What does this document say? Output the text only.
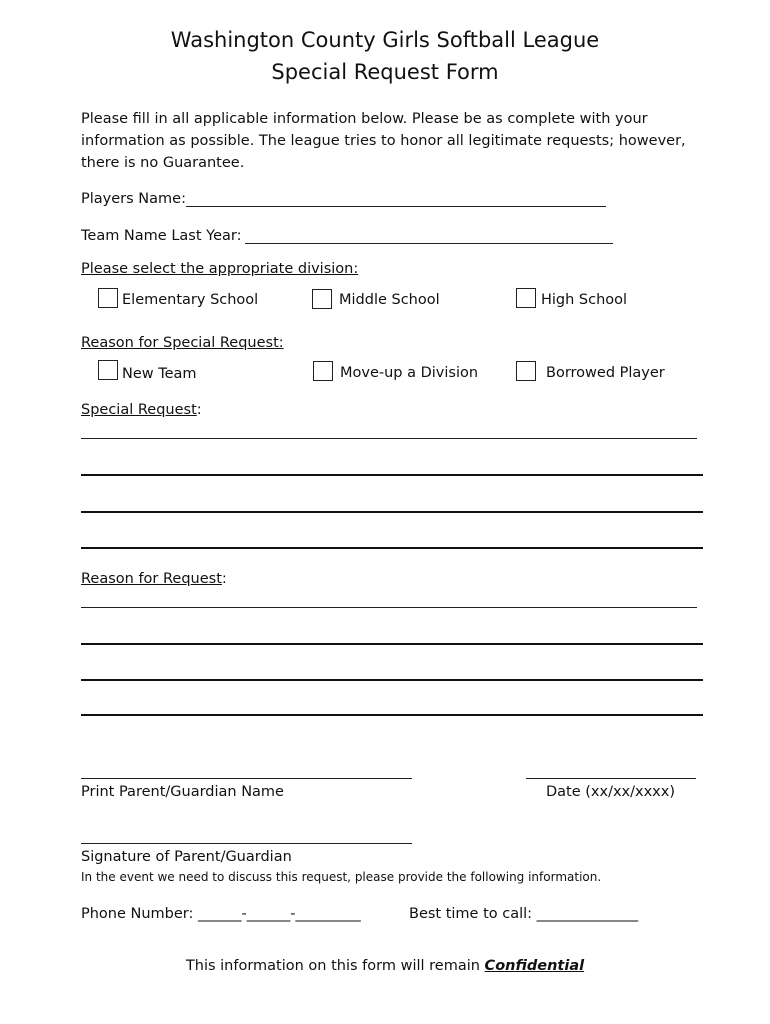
Washington County Girls Softball League
Special Request Form
Please fill in all applicable information below. Please be as complete with your
information as possible. The league tries to honor all legitimate requests; however,
there is no Guarantee.
Players Name:
Team Name Last Year:
Please select the appropriate division:
Elementary School	Middle School	High School
Reason for Special Request:
New Team	Move-up a Division	Borrowed Player
Special Request:
Reason for Request:
Print Parent/Guardian Name	Date (xx/xx/xxxx)
Signature of Parent/Guardian
In the event we need to discuss this request, please provide the following information.
Phone Number: ______-______-_________	Best time to call: ______________
This information on this form will remain Confidential
